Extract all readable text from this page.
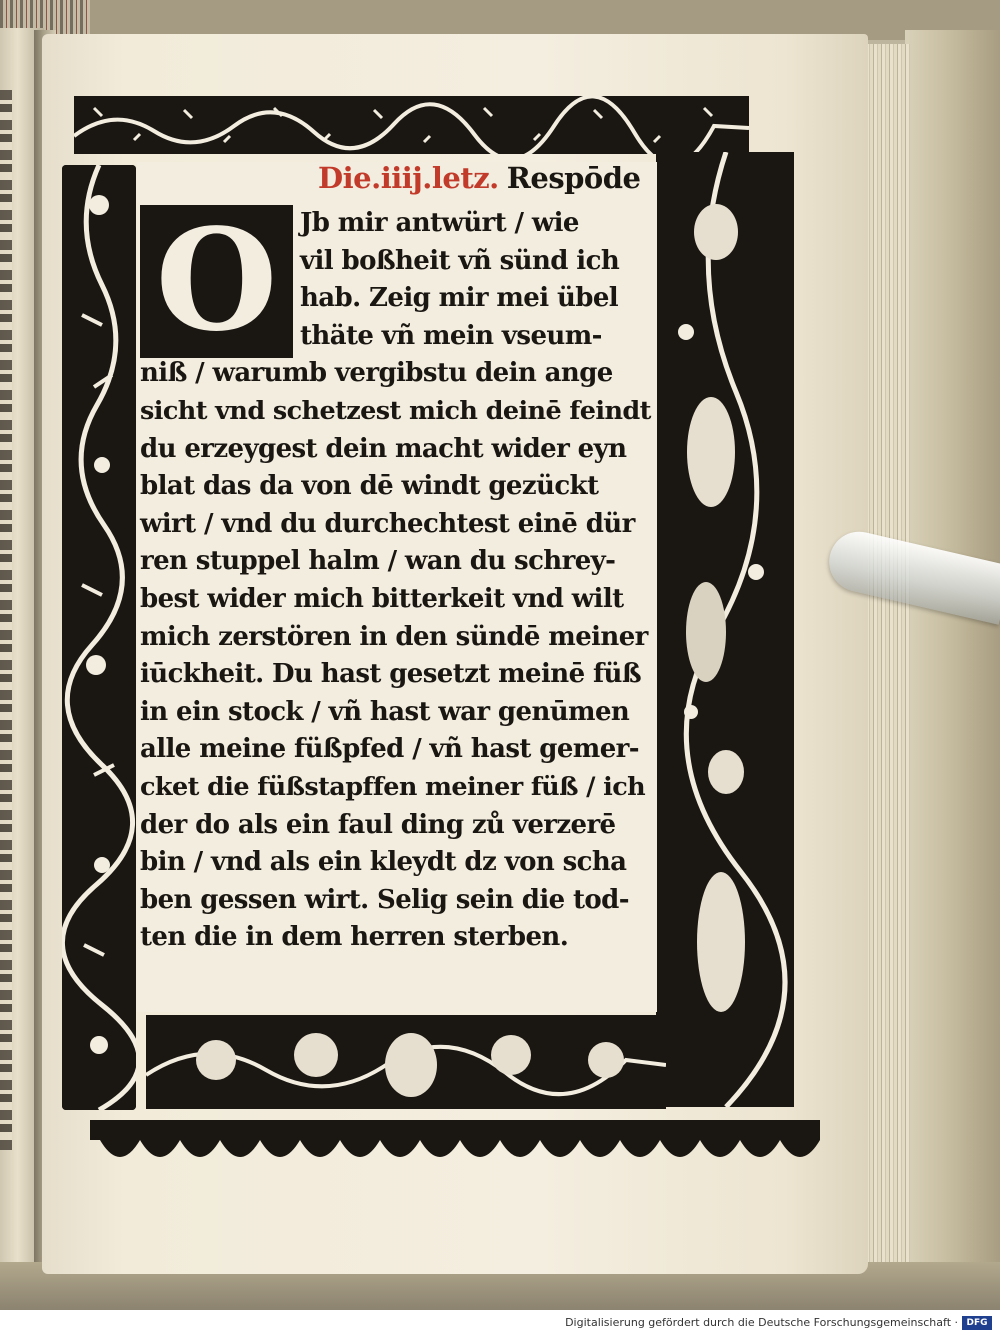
Die.iiij.letz. Respōde
O Jb mir antwürt / wie
vil boßheit vñ sünd ich
hab. Zeig mir mei übel
thäte vñ mein vseum-
niß / warumb vergibstu dein ange
sicht vnd schetzest mich deinē feindt
du erzeygest dein macht wider eyn
blat das da von dē windt gezückt
wirt / vnd du durchechtest einē dür
ren stuppel halm / wan du schrey-
best wider mich bitterkeit vnd wilt
mich zerstören in den sündē meiner
iūckheit. Du hast gesetzt meinē füß
in ein stock / vñ hast war genūmen
alle meine füßpfed / vñ hast gemer-
cket die füßstapffen meiner füß / ich
der do als ein faul ding zů verzerē
bin / vnd als ein kleydt dz von scha
ben gessen wirt. Selig sein die tod-
ten die in dem herren sterben.
Digitalisierung gefördert durch die Deutsche Forschungsgemeinschaft · DFG
